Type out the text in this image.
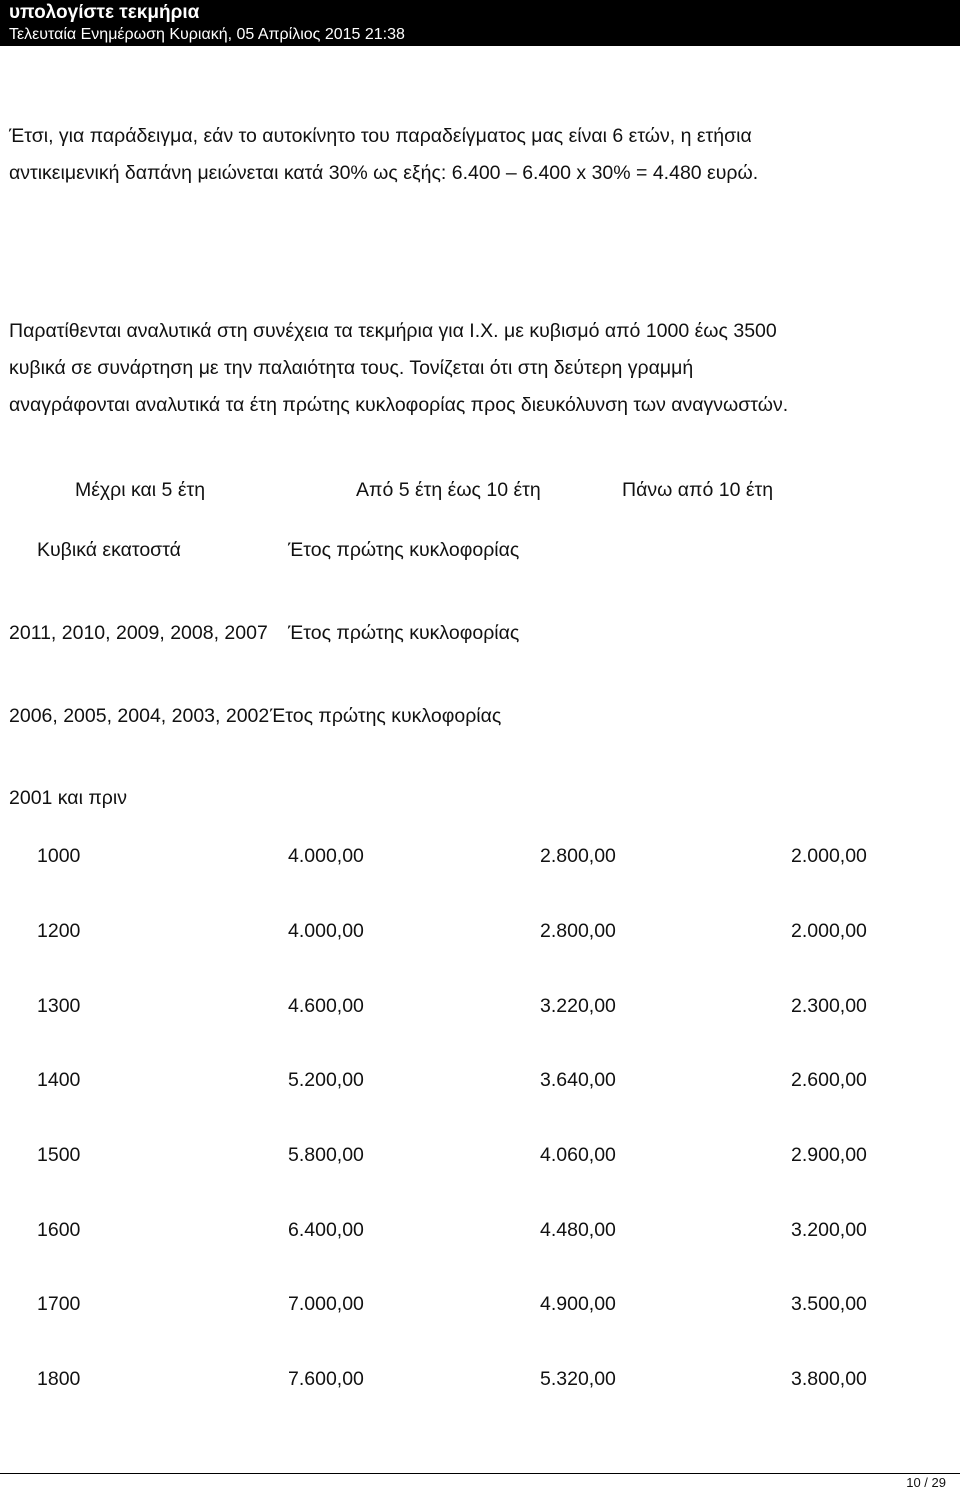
υπολογίστε τεκμήρια
Τελευταία Ενημέρωση Κυριακή, 05 Απρίλιος 2015 21:38

Έτσι, για παράδειγμα, εάν το αυτοκίνητο του παραδείγματος μας είναι 6 ετών, η ετήσια
αντικειμενική δαπάνη μειώνεται κατά 30% ως εξής: 6.400 – 6.400 x 30% = 4.480 ευρώ.

Παρατίθενται αναλυτικά στη συνέχεια τα τεκμήρια για Ι.Χ. με κυβισμό από 1000 έως 3500
κυβικά σε συνάρτηση με την παλαιότητα τους. Τονίζεται ότι στη δεύτερη γραμμή
αναγράφονται αναλυτικά τα έτη πρώτης κυκλοφορίας προς διευκόλυνση των αναγνωστών.

Μέχρι και 5 έτη	Από 5 έτη έως 10 έτη	Πάνω από 10 έτη
Κυβικά εκατοστά	Έτος πρώτης κυκλοφορίας
2011, 2010, 2009, 2008, 2007 Έτος πρώτης κυκλοφορίας
2006, 2005, 2004, 2003, 2002 Έτος πρώτης κυκλοφορίας
2001 και πριν
1000	4.000,00	2.800,00	2.000,00
1200	4.000,00	2.800,00	2.000,00
1300	4.600,00	3.220,00	2.300,00
1400	5.200,00	3.640,00	2.600,00
1500	5.800,00	4.060,00	2.900,00
1600	6.400,00	4.480,00	3.200,00
1700	7.000,00	4.900,00	3.500,00
1800	7.600,00	5.320,00	3.800,00
10 / 29
